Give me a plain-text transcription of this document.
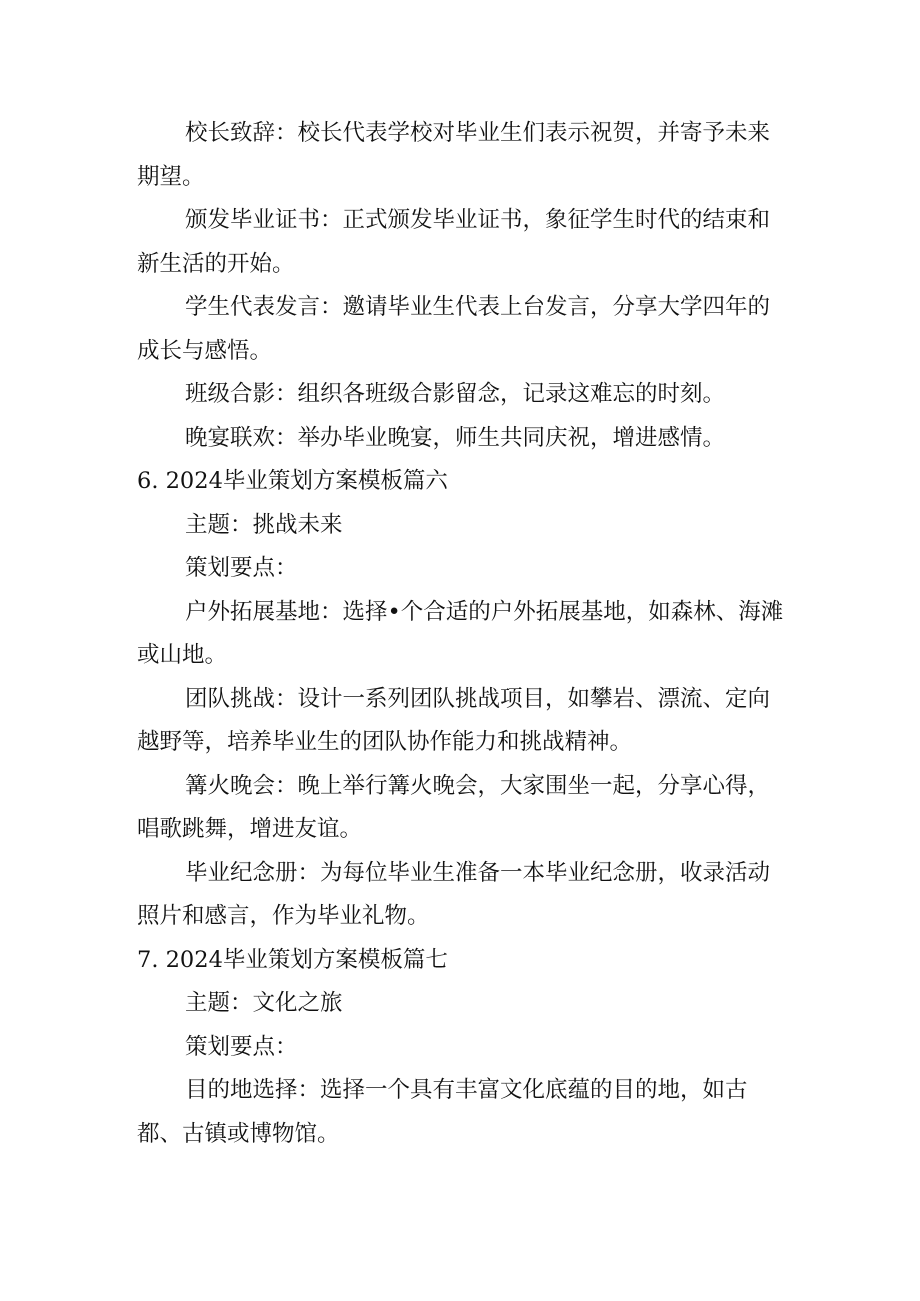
校长致辞：校长代表学校对毕业生们表示祝贺，并寄予未来期望。

颁发毕业证书：正式颁发毕业证书，象征学生时代的结束和新生活的开始。

学生代表发言：邀请毕业生代表上台发言，分享大学四年的成长与感悟。

班级合影：组织各班级合影留念，记录这难忘的时刻。

晚宴联欢：举办毕业晚宴，师生共同庆祝，增进感情。

6. 2024毕业策划方案模板篇六

主题：挑战未来

策划要点：

户外拓展基地：选择•个合适的户外拓展基地，如森林、海滩或山地。

团队挑战：设计一系列团队挑战项目，如攀岩、漂流、定向越野等，培养毕业生的团队协作能力和挑战精神。

篝火晚会：晚上举行篝火晚会，大家围坐一起，分享心得，唱歌跳舞，增进友谊。

毕业纪念册：为每位毕业生准备一本毕业纪念册，收录活动照片和感言，作为毕业礼物。

7. 2024毕业策划方案模板篇七

主题：文化之旅

策划要点：

目的地选择：选择一个具有丰富文化底蕴的目的地，如古都、古镇或博物馆。
